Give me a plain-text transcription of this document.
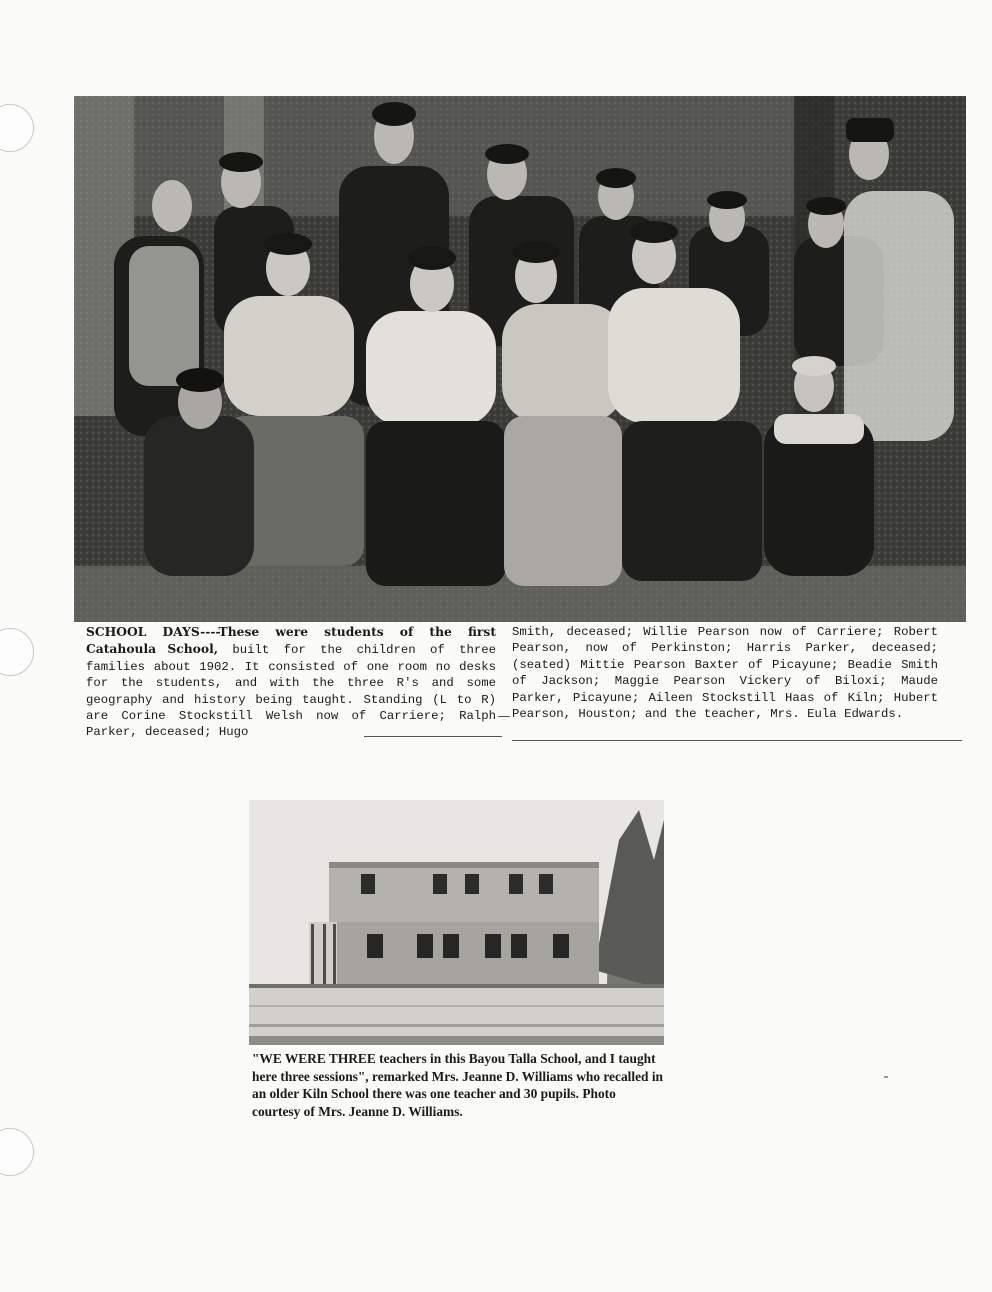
SCHOOL DAYS----These were students of the first Catahoula School, built for the children of three families about 1902. It consisted of one room no desks for the students, and with the three R's and some geography and history being taught. Standing (L to R) are Corine Stockstill Welsh now of Carriere; Ralph Parker, deceased; Hugo
Smith, deceased; Willie Pearson now of Carriere; Robert Pearson, now of Perkinston; Harris Parker, deceased; (seated) Mittie Pearson Baxter of Picayune; Beadie Smith of Jackson; Maggie Pearson Vickery of Biloxi; Maude Parker, Picayune; Aileen Stockstill Haas of Kiln; Hubert Pearson, Houston; and the teacher, Mrs. Eula Edwards.
"WE WERE THREE teachers in this Bayou Talla School, and I taught here three sessions", remarked Mrs. Jeanne D. Williams who recalled in an older Kiln School there was one teacher and 30 pupils. Photo courtesy of Mrs. Jeanne D. Williams.
